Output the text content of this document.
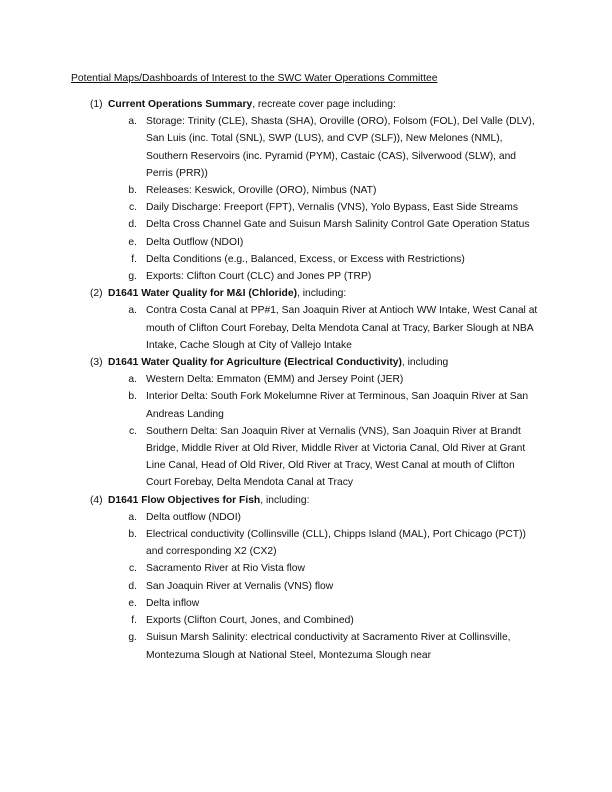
Potential Maps/Dashboards of Interest to the SWC Water Operations Committee
(1) Current Operations Summary, recreate cover page including:
a. Storage: Trinity (CLE), Shasta (SHA), Oroville (ORO), Folsom (FOL), Del Valle (DLV), San Luis (inc. Total (SNL), SWP (LUS), and CVP (SLF)), New Melones (NML), Southern Reservoirs (inc. Pyramid (PYM), Castaic (CAS), Silverwood (SLW), and Perris (PRR))
b. Releases: Keswick, Oroville (ORO), Nimbus (NAT)
c. Daily Discharge: Freeport (FPT), Vernalis (VNS), Yolo Bypass, East Side Streams
d. Delta Cross Channel Gate and Suisun Marsh Salinity Control Gate Operation Status
e. Delta Outflow (NDOI)
f. Delta Conditions (e.g., Balanced, Excess, or Excess with Restrictions)
g. Exports: Clifton Court (CLC) and Jones PP (TRP)
(2) D1641 Water Quality for M&I (Chloride), including:
a. Contra Costa Canal at PP#1, San Joaquin River at Antioch WW Intake, West Canal at mouth of Clifton Court Forebay, Delta Mendota Canal at Tracy, Barker Slough at NBA Intake, Cache Slough at City of Vallejo Intake
(3) D1641 Water Quality for Agriculture (Electrical Conductivity), including
a. Western Delta: Emmaton (EMM) and Jersey Point (JER)
b. Interior Delta: South Fork Mokelumne River at Terminous, San Joaquin River at San Andreas Landing
c. Southern Delta: San Joaquin River at Vernalis (VNS), San Joaquin River at Brandt Bridge, Middle River at Old River, Middle River at Victoria Canal, Old River at Grant Line Canal, Head of Old River, Old River at Tracy, West Canal at mouth of Clifton Court Forebay, Delta Mendota Canal at Tracy
(4) D1641 Flow Objectives for Fish, including:
a. Delta outflow (NDOI)
b. Electrical conductivity (Collinsville (CLL), Chipps Island (MAL), Port Chicago (PCT)) and corresponding X2 (CX2)
c. Sacramento River at Rio Vista flow
d. San Joaquin River at Vernalis (VNS) flow
e. Delta inflow
f. Exports (Clifton Court, Jones, and Combined)
g. Suisun Marsh Salinity: electrical conductivity at Sacramento River at Collinsville, Montezuma Slough at National Steel, Montezuma Slough near
